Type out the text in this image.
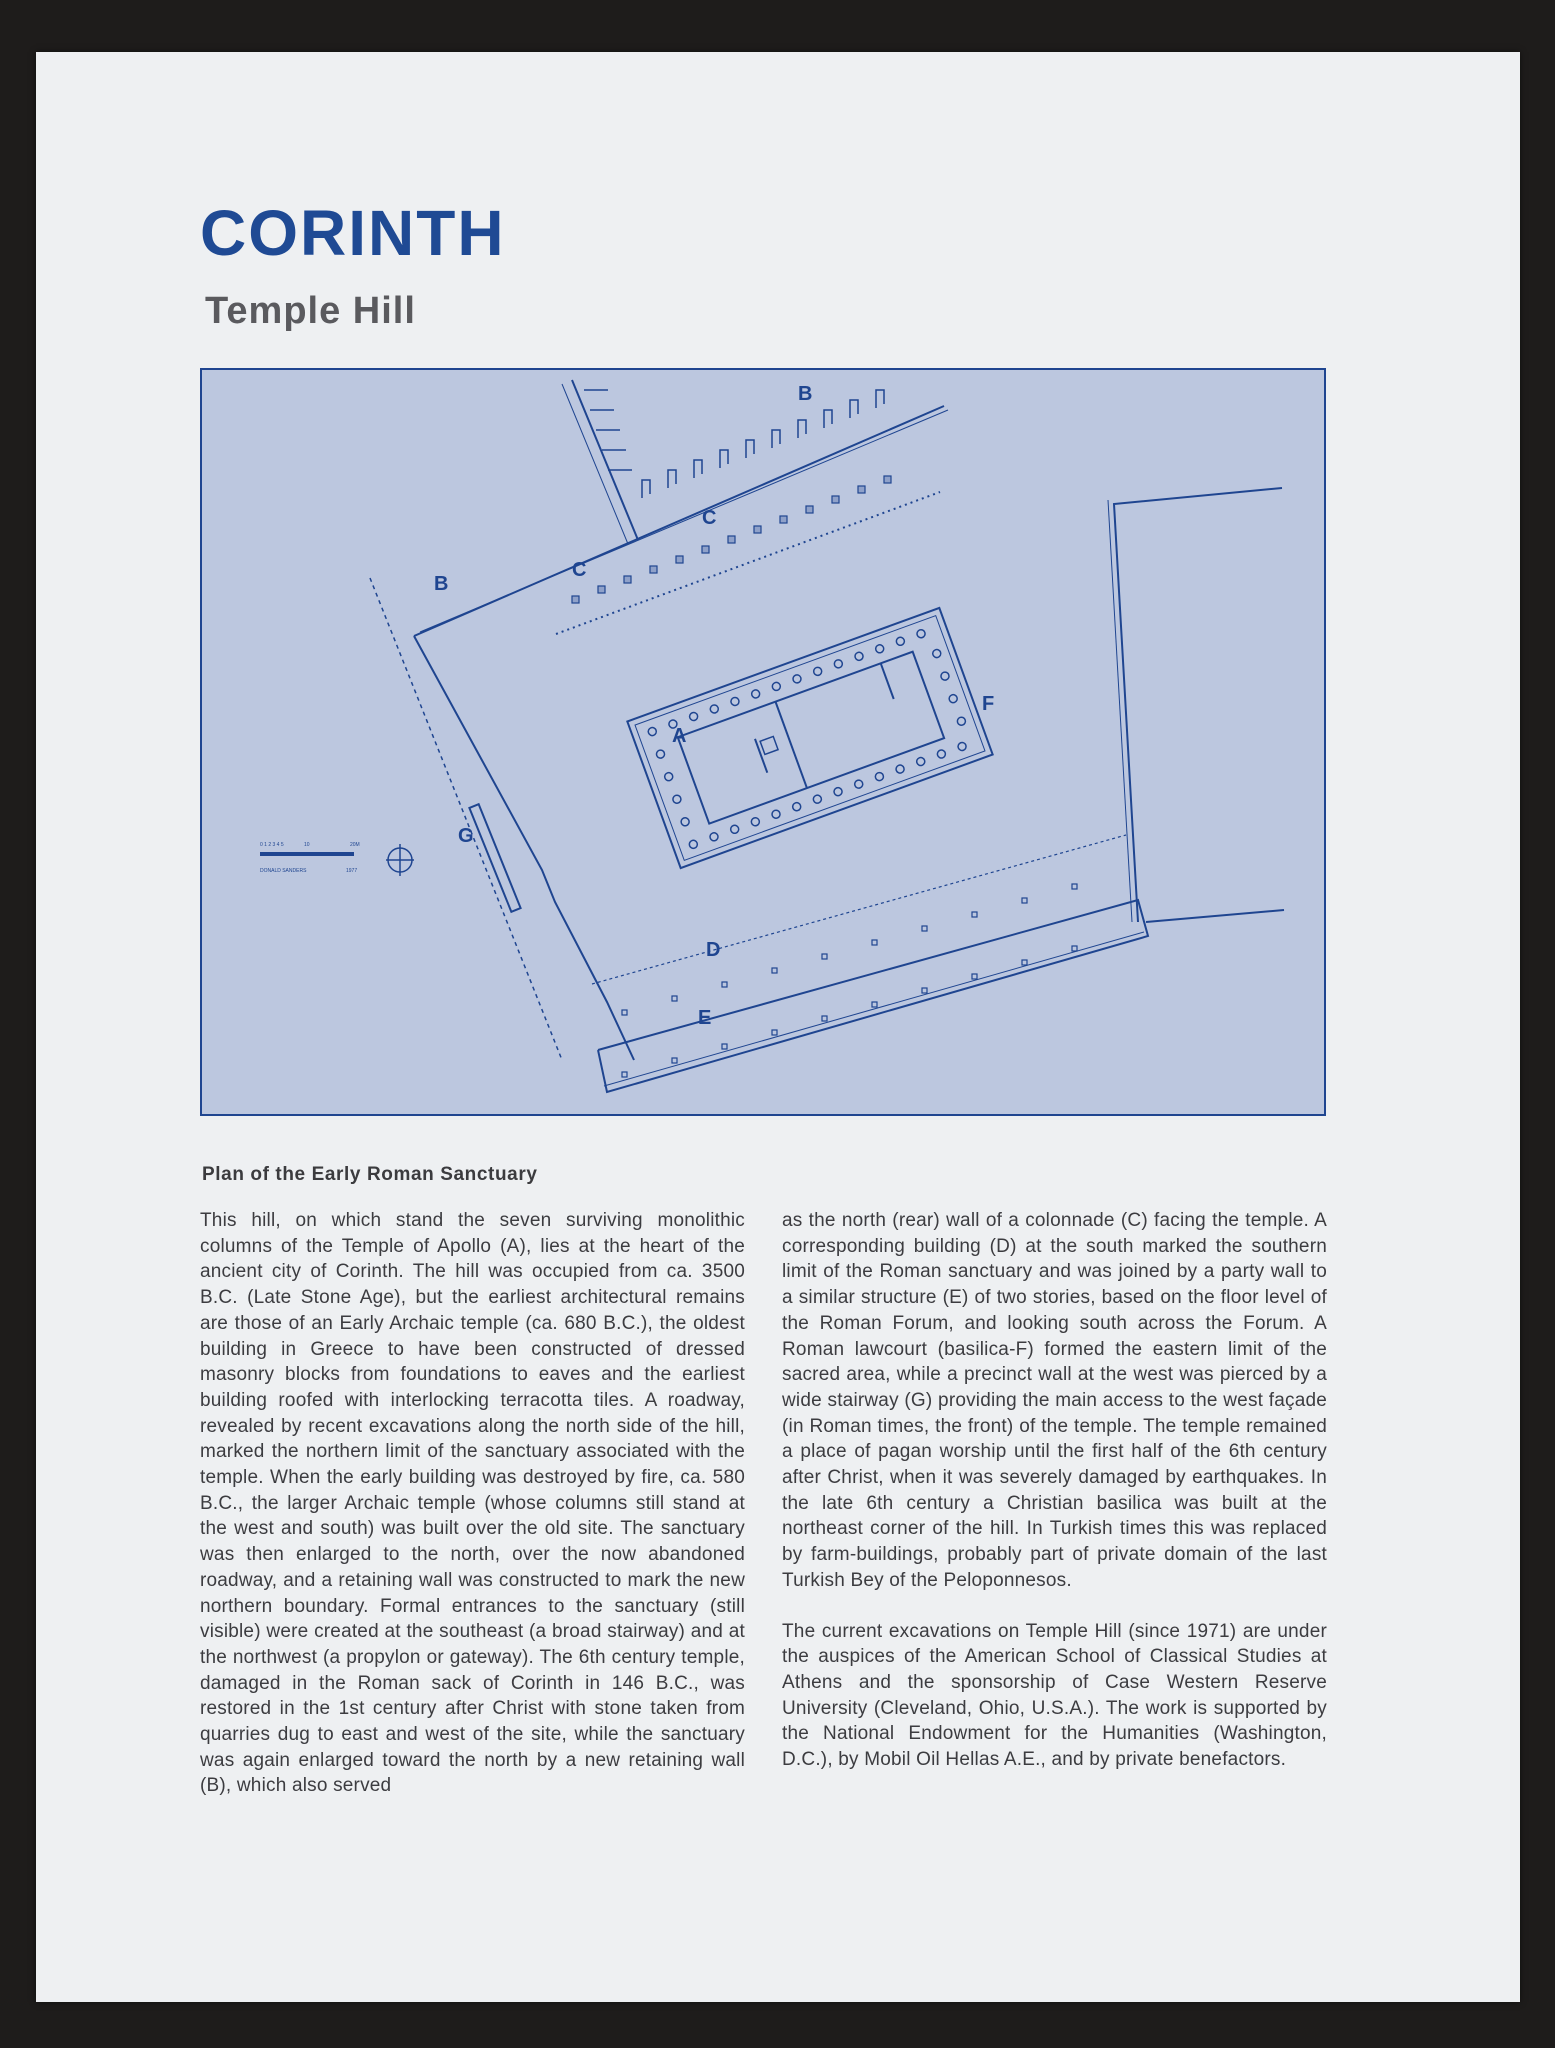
CORINTH
Temple Hill
0 1 2 3 4 5	10	20M
DONALD SANDERS	1977
A
B
B
C
C
D
E
F
G
Plan of the Early Roman Sanctuary

This hill, on which stand the seven surviving monolithic columns of the Temple of Apollo (A), lies at the heart of the ancient city of Corinth. The hill was occupied from ca. 3500 B.C. (Late Stone Age), but the earliest architectural remains are those of an Early Archaic temple (ca. 680 B.C.), the oldest building in Greece to have been constructed of dressed masonry blocks from foundations to eaves and the earliest building roofed with interlocking terracotta tiles. A roadway, revealed by recent excavations along the north side of the hill, marked the northern limit of the sanctuary associated with the temple. When the early building was destroyed by fire, ca. 580 B.C., the larger Archaic temple (whose columns still stand at the west and south) was built over the old site. The sanctuary was then enlarged to the north, over the now abandoned roadway, and a retaining wall was constructed to mark the new northern boundary. Formal entrances to the sanctuary (still visible) were created at the southeast (a broad stairway) and at the northwest (a propylon or gateway). The 6th century temple, damaged in the Roman sack of Corinth in 146 B.C., was restored in the 1st century after Christ with stone taken from quarries dug to east and west of the site, while the sanctuary was again enlarged toward the north by a new retaining wall (B), which also served

as the north (rear) wall of a colonnade (C) facing the temple. A corresponding building (D) at the south marked the southern limit of the Roman sanctuary and was joined by a party wall to a similar structure (E) of two stories, based on the floor level of the Roman Forum, and looking south across the Forum. A Roman lawcourt (basilica-F) formed the eastern limit of the sacred area, while a precinct wall at the west was pierced by a wide stairway (G) providing the main access to the west façade (in Roman times, the front) of the temple. The temple remained a place of pagan worship until the first half of the 6th century after Christ, when it was severely damaged by earthquakes. In the late 6th century a Christian basilica was built at the northeast corner of the hill. In Turkish times this was replaced by farm-buildings, probably part of private domain of the last Turkish Bey of the Peloponnesos.

The current excavations on Temple Hill (since 1971) are under the auspices of the American School of Classical Studies at Athens and the sponsorship of Case Western Reserve University (Cleveland, Ohio, U.S.A.). The work is supported by the National Endowment for the Humanities (Washington, D.C.), by Mobil Oil Hellas A.E., and by private benefactors.
